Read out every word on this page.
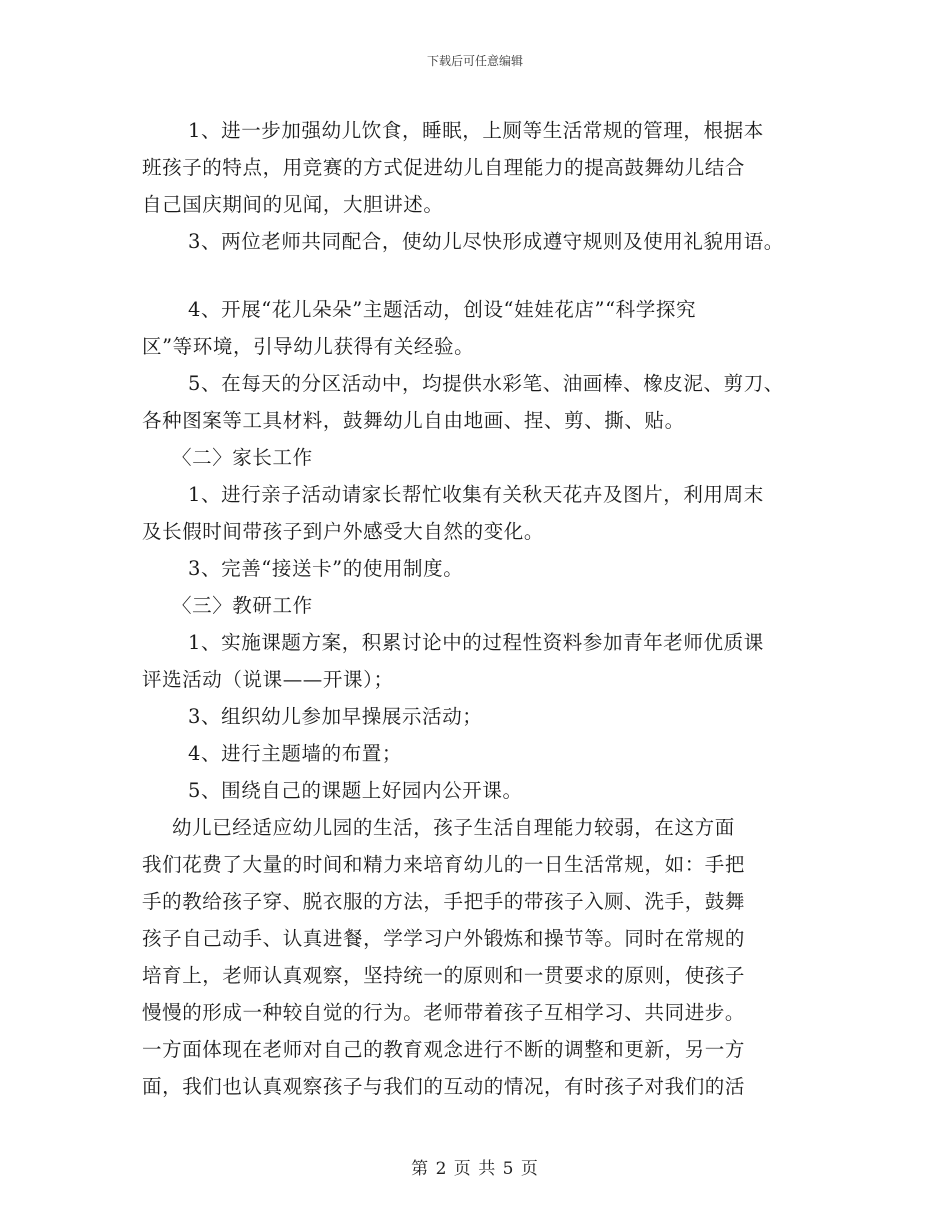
下载后可任意编辑
1、进一步加强幼儿饮食，睡眠，上厕等生活常规的管理，根据本
班孩子的特点，用竞赛的方式促进幼儿自理能力的提高鼓舞幼儿结合
自己国庆期间的见闻，大胆讲述。
3、两位老师共同配合，使幼儿尽快形成遵守规则及使用礼貌用语。
4、开展“花儿朵朵”主题活动，创设“娃娃花店”“科学探究
区”等环境，引导幼儿获得有关经验。
5、在每天的分区活动中，均提供水彩笔、油画棒、橡皮泥、剪刀、
各种图案等工具材料，鼓舞幼儿自由地画、捏、剪、撕、贴。
〈二〉家长工作
1、进行亲子活动请家长帮忙收集有关秋天花卉及图片，利用周末
及长假时间带孩子到户外感受大自然的变化。
3、完善“接送卡”的使用制度。
〈三〉教研工作
1、实施课题方案，积累讨论中的过程性资料参加青年老师优质课
评选活动（说课——开课）；
3、组织幼儿参加早操展示活动；
4、进行主题墙的布置；
5、围绕自己的课题上好园内公开课。
幼儿已经适应幼儿园的生活，孩子生活自理能力较弱，在这方面
我们花费了大量的时间和精力来培育幼儿的一日生活常规，如：手把
手的教给孩子穿、脱衣服的方法，手把手的带孩子入厕、洗手，鼓舞
孩子自己动手、认真进餐，学学习户外锻炼和操节等。同时在常规的
培育上，老师认真观察，坚持统一的原则和一贯要求的原则，使孩子
慢慢的形成一种较自觉的行为。老师带着孩子互相学习、共同进步。
一方面体现在老师对自己的教育观念进行不断的调整和更新，另一方
面，我们也认真观察孩子与我们的互动的情况，有时孩子对我们的活
第 2 页 共 5 页
